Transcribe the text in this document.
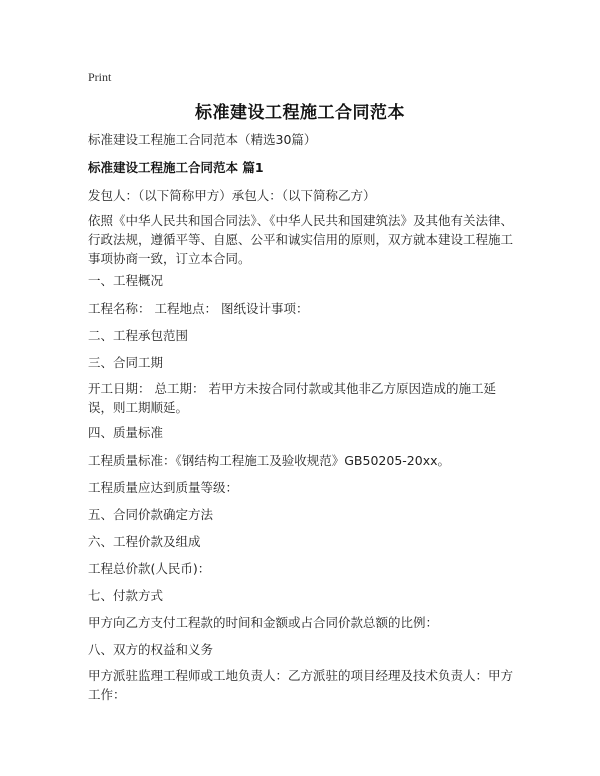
Print
标准建设工程施工合同范本
标准建设工程施工合同范本（精选30篇）
标准建设工程施工合同范本 篇1
发包人：（以下简称甲方）承包人：（以下简称乙方）
依照《中华人民共和国合同法》、《中华人民共和国建筑法》及其他有关法律、行政法规，遵循平等、自愿、公平和诚实信用的原则，双方就本建设工程施工事项协商一致，订立本合同。
一、工程概况
工程名称： 工程地点： 图纸设计事项：
二、工程承包范围
三、合同工期
开工日期： 总工期： 若甲方未按合同付款或其他非乙方原因造成的施工延误，则工期顺延。
四、质量标准
工程质量标准：《钢结构工程施工及验收规范》GB50205-20xx。
工程质量应达到质量等级：
五、合同价款确定方法
六、工程价款及组成
工程总价款(人民币)：
七、付款方式
甲方向乙方支付工程款的时间和金额或占合同价款总额的比例：
八、双方的权益和义务
甲方派驻监理工程师或工地负责人：乙方派驻的项目经理及技术负责人：甲方工作：
